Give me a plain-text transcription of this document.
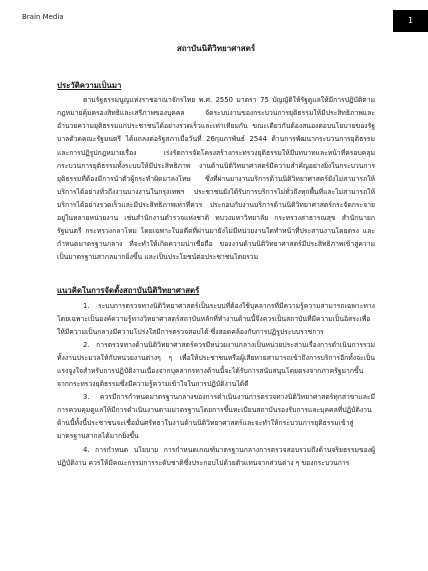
Brain Media	1
สถาบันนิติวิทยาศาสตร์
ประวัติความเป็นมา

ตามรัฐธรรมนูญแห่งราชอาณาจักรไทย พ.ศ. 2550 มาตรา 75 บัญญัติให้รัฐดูแลให้มีการปฏิบัติตามกฎหมายคุ้มครองสิทธิและเสรีภาพของบุคคล จัดระบบงานของกระบวนการยุติธรรมให้มีประสิทธิภาพและอำนวยความยุติธรรมแก่ประชาชนได้อย่างรวดเร็วและเท่าเทียมกัน ขณะเดียวกันต้องสนองตอบนโยบายของรัฐบาลตัวดคณะรัฐมนตรี ได้แถลงต่อรัฐสภาเมื่อวันที่ 26กุมภาพันธ์ 2544 ด้านการพัฒนากระบวนการยุติธรรมและการปฏิรูปกฎหมายเรื่อง เร่งรัดการจัดโครงสร้างกระทรวงยุติธรรมให้มีบทบาทและหน้าที่ครอบคลุมกระบวนการยุติธรรมทั้งระบบให้มีประสิทธิภาพ งานด้านนิติวิทยาศาสตร์มีความสำคัญอย่างยิ่งในกระบวนการยุติธรรมที่ต้องมีการนำตัวผู้กระทำผิดมาลงโทษ ซึ่งที่ผ่านมางานบริการด้านนิติวิทยาศาสตร์ยังไม่สามารถให้บริการได้อย่างทั่วถึงงานบางงานในกรุงเทพฯ ประชาชนยังได้รับการบริการไม่ทั่วถึงทุกพื้นที่และไม่สามารถให้บริการได้อย่างรวดเร็วและมีประสิทธิภาพเท่าที่ควร ประกอบกับงานบริการด้านนิติวิทยาศาสตร์กระจัดกระจายอยู่ในหลายหน่วยงาน เช่นสำนักงานตำรวจแห่งชาติ ทบวงมหาวิทยาลัย กระทรวงสาธารณสุข สำนักนายกรัฐมนตรี กระทรวงกลาโหม โดยเฉพาะในอดีตที่ผ่านมายังไม่มีหน่วยงานใดทำหน้าที่ประสานงานโดยตรง และกำหนดมาตรฐานกลาง ที่จะทำให้เกิดความน่าเชื่อถือ ของงานด้านนิติวิทยาศาสตร์มีประสิทธิภาพเข้าสู่ความเป็นมาตรฐานสากลมากยิ่งขึ้น และเป็นประโยชน์ต่อประชาชนโดยรวม

แนวคิดในการจัดตั้งสถาบันนิติวิทยาศาสตร์

1. ระบบการตรวจทางนิติวิทยาศาสตร์เป็นระบบที่ต้องใช้บุคลากรที่มีความรู้ความสามารถเฉพาะทางโดยเฉพาะเป็นองค์ความรู้ทางวิทยาศาสตร์สถาบันหลักที่ทำงานด้านนี้จึงควรเป็นสถาบันที่มีความเป็นอิสระเพื่อให้มีความเป็นกลางมีความโปร่งใสมีการตรวจสอบได้ ซึ่งสอดคล้องกับการปฏิรูประบบราชการ

2. การตรวจทางด้านนิติวิทยาศาสตร์ควรมีหน่วยงานกลางเป็นหน่วยประสานเรื่องการดำเนินการรวมทั้งงานประมวลให้กับหน่วยงานต่างๆ ๆ เพื่อให้ประชาชนหรือผู้เสียหายสามารถเข้าถึงการบริการอีกทั้งจะเป็นแรงจูงใจสำหรับการปฏิบัติงานเนื่องจากบุคลากรทางด้านนี้จะได้รับการสนับสนุนโดยตรงจากภาครัฐมากขึ้นจากกระทรวงยุติธรรมซึ่งมีความรู้ความเข้าใจในการปฏิบัติงานได้ดี

3. ควรมีการกำหนดมาตรฐานกลางของการดำเนินงานการตรวจทางนิติวิทยาศาสตร์ทุกสาขาและมีการควบคุมดูแลให้มีการดำเนินงานตามมาตรฐานโดยการขึ้นทะเบียนสถาบันรองรับการและบุคคลที่ปฏิบัติงานด้านนี้ทั้งนี้ประชาชนจะเชื่อมั่นศรัทธาในงานด้านนิติวิทยาศาสตร์และจะทำให้กระบวนการยุติธรรมเข้าสู่มาตรฐานสากลได้มากยิ่งขึ้น

4. การกำหนด นโยบาย การกำหนดเกณฑ์มาตรฐานกลางการตรวจสอบรวมถึงด้านจริยธรรมของผู้ปฏิบัติงาน ควรให้มีคณะกรรมการระดับชาติซึ่งประกอบไปด้วยตัวแทนจากส่วนต่าง ๆ ของกระบวนการ
